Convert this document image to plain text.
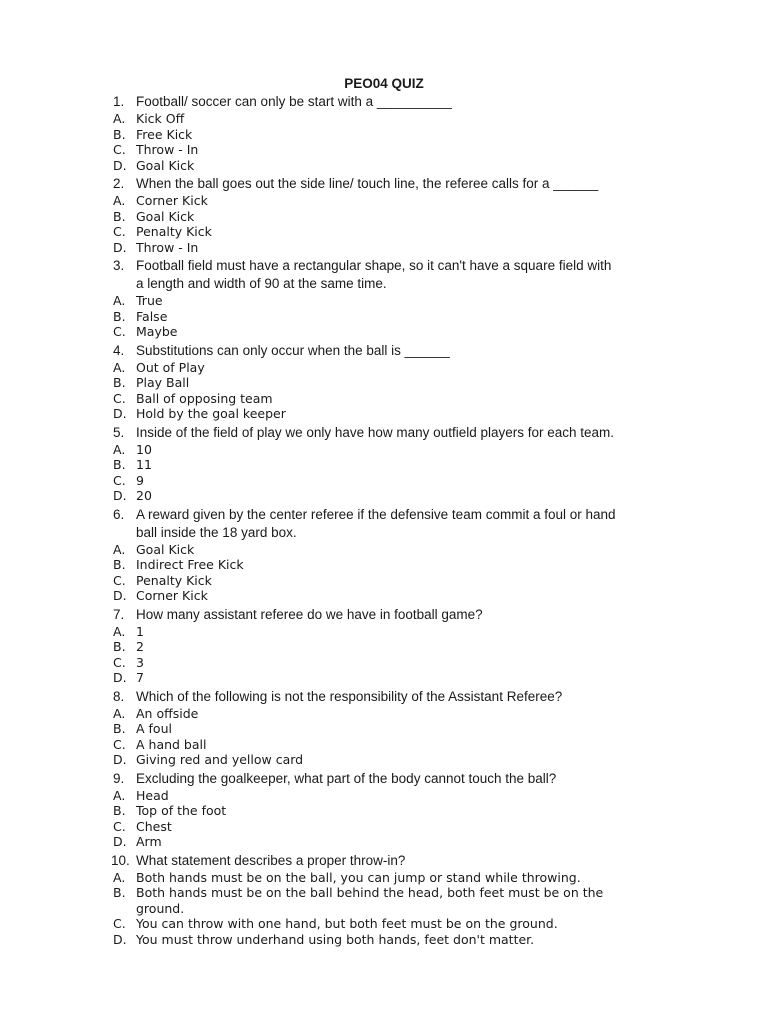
PEO04 QUIZ
1. Football/ soccer can only be start with a __________
A. Kick Off
B. Free Kick
C. Throw - In
D. Goal Kick
2. When the ball goes out the side line/ touch line, the referee calls for a ______
A. Corner Kick
B. Goal Kick
C. Penalty Kick
D. Throw - In
3. Football field must have a rectangular shape, so it can't have a square field with
a length and width of 90 at the same time.
A. True
B. False
C. Maybe
4. Substitutions can only occur when the ball is ______
A. Out of Play
B. Play Ball
C. Ball of opposing team
D. Hold by the goal keeper
5. Inside of the field of play we only have how many outfield players for each team.
A. 10
B. 11
C. 9
D. 20
6. A reward given by the center referee if the defensive team commit a foul or hand
ball inside the 18 yard box.
A. Goal Kick
B. Indirect Free Kick
C. Penalty Kick
D. Corner Kick
7. How many assistant referee do we have in football game?
A. 1
B. 2
C. 3
D. 7
8. Which of the following is not the responsibility of the Assistant Referee?
A. An offside
B. A foul
C. A hand ball
D. Giving red and yellow card
9. Excluding the goalkeeper, what part of the body cannot touch the ball?
A. Head
B. Top of the foot
C. Chest
D. Arm
10. What statement describes a proper throw-in?
A. Both hands must be on the ball, you can jump or stand while throwing.
B. Both hands must be on the ball behind the head, both feet must be on the
ground.
C. You can throw with one hand, but both feet must be on the ground.
D. You must throw underhand using both hands, feet don't matter.
